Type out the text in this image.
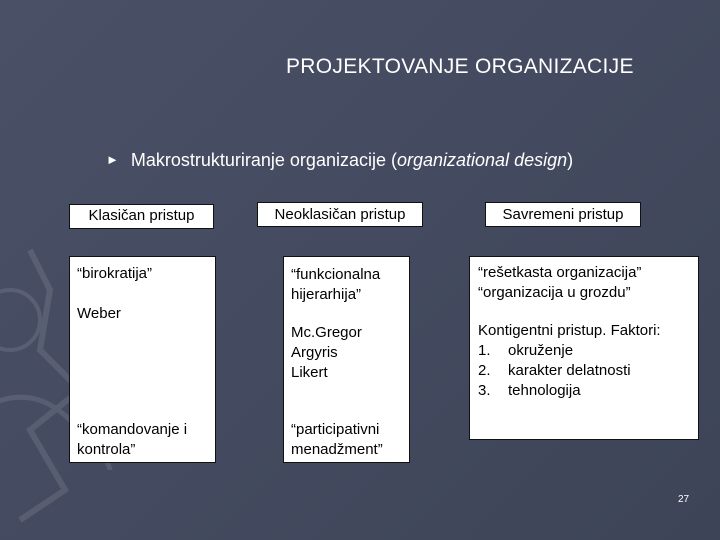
PROJEKTOVANJE ORGANIZACIJE
► Makrostrukturiranje organizacije (organizational design)
Klasičan pristup	Neoklasičan pristup	Savremeni pristup
“birokratija”
Weber
“komandovanje i
kontrola”
“funkcionalna
hijerarhija”
Mc.Gregor
Argyris
Likert
“participativni
menadžment”
“rešetkasta organizacija”
“organizacija u grozdu”
Kontigentni pristup. Faktori:
1. okruženje
2. karakter delatnosti
3. tehnologija
27
